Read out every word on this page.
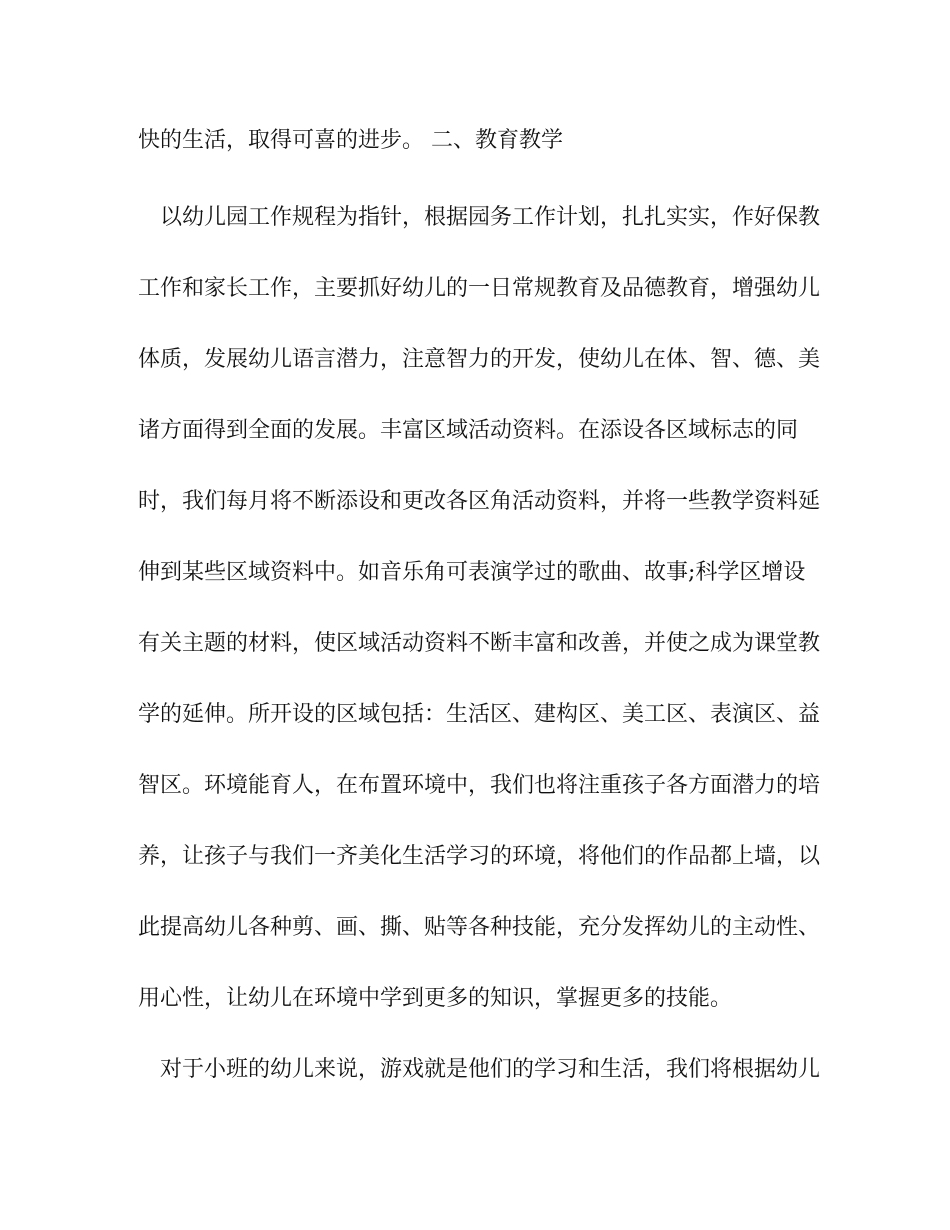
快的生活，取得可喜的进步。 二、教育教学
以幼儿园工作规程为指针，根据园务工作计划，扎扎实实，作好保教
工作和家长工作，主要抓好幼儿的一日常规教育及品德教育，增强幼儿
体质，发展幼儿语言潜力，注意智力的开发，使幼儿在体、智、德、美
诸方面得到全面的发展。丰富区域活动资料。在添设各区域标志的同
时，我们每月将不断添设和更改各区角活动资料，并将一些教学资料延
伸到某些区域资料中。如音乐角可表演学过的歌曲、故事;科学区增设
有关主题的材料，使区域活动资料不断丰富和改善，并使之成为课堂教
学的延伸。所开设的区域包括：生活区、建构区、美工区、表演区、益
智区。环境能育人，在布置环境中，我们也将注重孩子各方面潜力的培
养，让孩子与我们一齐美化生活学习的环境，将他们的作品都上墙，以
此提高幼儿各种剪、画、撕、贴等各种技能，充分发挥幼儿的主动性、
用心性，让幼儿在环境中学到更多的知识，掌握更多的技能。
对于小班的幼儿来说，游戏就是他们的学习和生活，我们将根据幼儿
